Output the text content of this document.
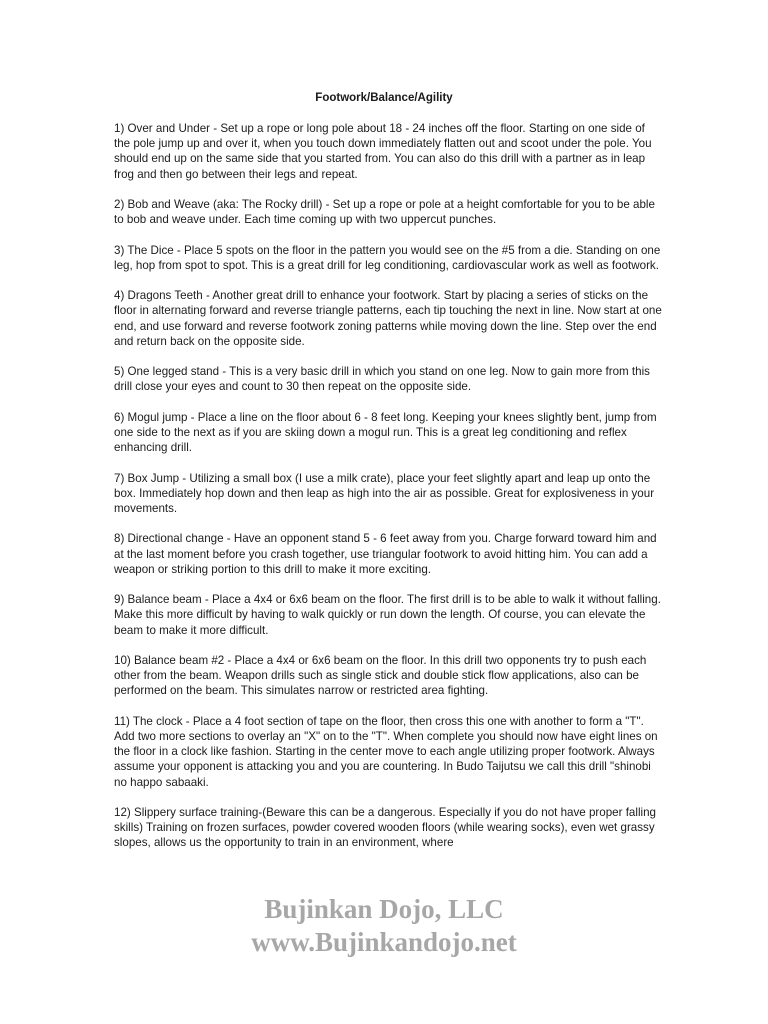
Footwork/Balance/Agility

1) Over and Under - Set up a rope or long pole about 18 - 24 inches off the floor. Starting on one side of the pole jump up and over it, when you touch down immediately flatten out and scoot under the pole. You should end up on the same side that you started from. You can also do this drill with a partner as in leap frog and then go between their legs and repeat.

2) Bob and Weave (aka: The Rocky drill) - Set up a rope or pole at a height comfortable for you to be able to bob and weave under. Each time coming up with two uppercut punches.

3) The Dice - Place 5 spots on the floor in the pattern you would see on the #5 from a die. Standing on one leg, hop from spot to spot. This is a great drill for leg conditioning, cardiovascular work as well as footwork.

4) Dragons Teeth - Another great drill to enhance your footwork. Start by placing a series of sticks on the floor in alternating forward and reverse triangle patterns, each tip touching the next in line. Now start at one end, and use forward and reverse footwork zoning patterns while moving down the line. Step over the end and return back on the opposite side.

5) One legged stand - This is a very basic drill in which you stand on one leg. Now to gain more from this drill close your eyes and count to 30 then repeat on the opposite side.

6) Mogul jump - Place a line on the floor about 6 - 8 feet long. Keeping your knees slightly bent, jump from one side to the next as if you are skiing down a mogul run. This is a great leg conditioning and reflex enhancing drill.

7) Box Jump - Utilizing a small box (I use a milk crate), place your feet slightly apart and leap up onto the box. Immediately hop down and then leap as high into the air as possible. Great for explosiveness in your movements.

8) Directional change - Have an opponent stand 5 - 6 feet away from you. Charge forward toward him and at the last moment before you crash together, use triangular footwork to avoid hitting him. You can add a weapon or striking portion to this drill to make it more exciting.

9) Balance beam - Place a 4x4 or 6x6 beam on the floor. The first drill is to be able to walk it without falling. Make this more difficult by having to walk quickly or run down the length. Of course, you can elevate the beam to make it more difficult.

10) Balance beam #2 - Place a 4x4 or 6x6 beam on the floor. In this drill two opponents try to push each other from the beam. Weapon drills such as single stick and double stick flow applications, also can be performed on the beam. This simulates narrow or restricted area fighting.

11) The clock - Place a 4 foot section of tape on the floor, then cross this one with another to form a "T". Add two more sections to overlay an "X" on to the "T". When complete you should now have eight lines on the floor in a clock like fashion. Starting in the center move to each angle utilizing proper footwork. Always assume your opponent is attacking you and you are countering. In Budo Taijutsu we call this drill "shinobi no happo sabaaki.

12) Slippery surface training-(Beware this can be a dangerous. Especially if you do not have proper falling skills) Training on frozen surfaces, powder covered wooden floors (while wearing socks), even wet grassy slopes, allows us the opportunity to train in an environment, where

Bujinkan Dojo, LLC
www.Bujinkandojo.net
